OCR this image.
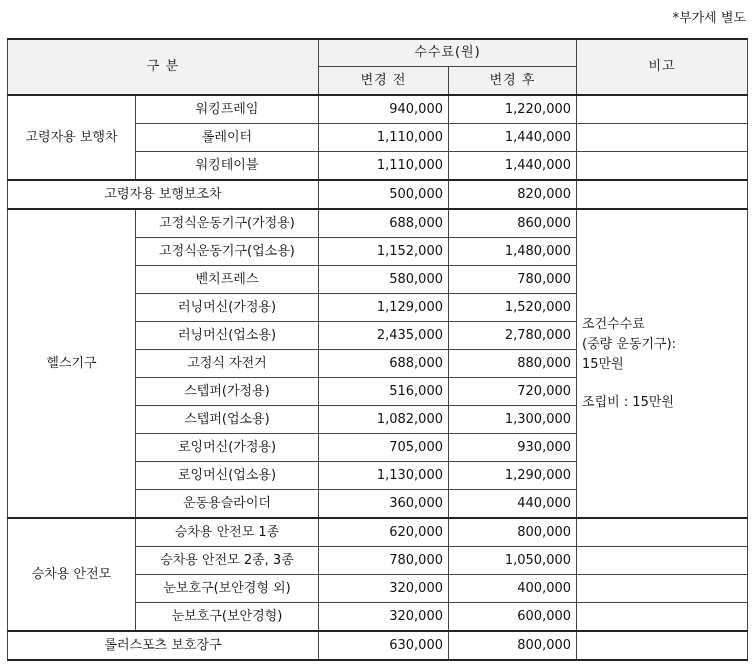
*부가세 별도
구 분		수수료(원)		비고
		변경 전	변경 후	
고령자용 보행차	워킹프레임	940,000	1,220,000	
	롤레이터	1,110,000	1,440,000	
	워킹테이블	1,110,000	1,440,000	
고령자용 보행보조차		500,000	820,000	
헬스기구	고정식운동기구(가정용)	688,000	860,000	조건수수료
(중량 운동기구):
15만원
조립비 : 15만원

	고정식운동기구(업소용)	1,152,000	1,480,000	
	벤치프레스	580,000	780,000	
	러닝머신(가정용)	1,129,000	1,520,000	
	러닝머신(업소용)	2,435,000	2,780,000	
	고정식 자전거	688,000	880,000	
	스텝퍼(가정용)	516,000	720,000	
	스텝퍼(업소용)	1,082,000	1,300,000	
	로잉머신(가정용)	705,000	930,000	
	로잉머신(업소용)	1,130,000	1,290,000	
	운동용슬라이더	360,000	440,000	
승차용 안전모	승차용 안전모 1종	620,000	800,000	
	승차용 안전모 2종, 3종	780,000	1,050,000	
	눈보호구(보안경형 외)	320,000	400,000	
	눈보호구(보안경형)	320,000	600,000	
롤러스포츠 보호장구		630,000	800,000	
